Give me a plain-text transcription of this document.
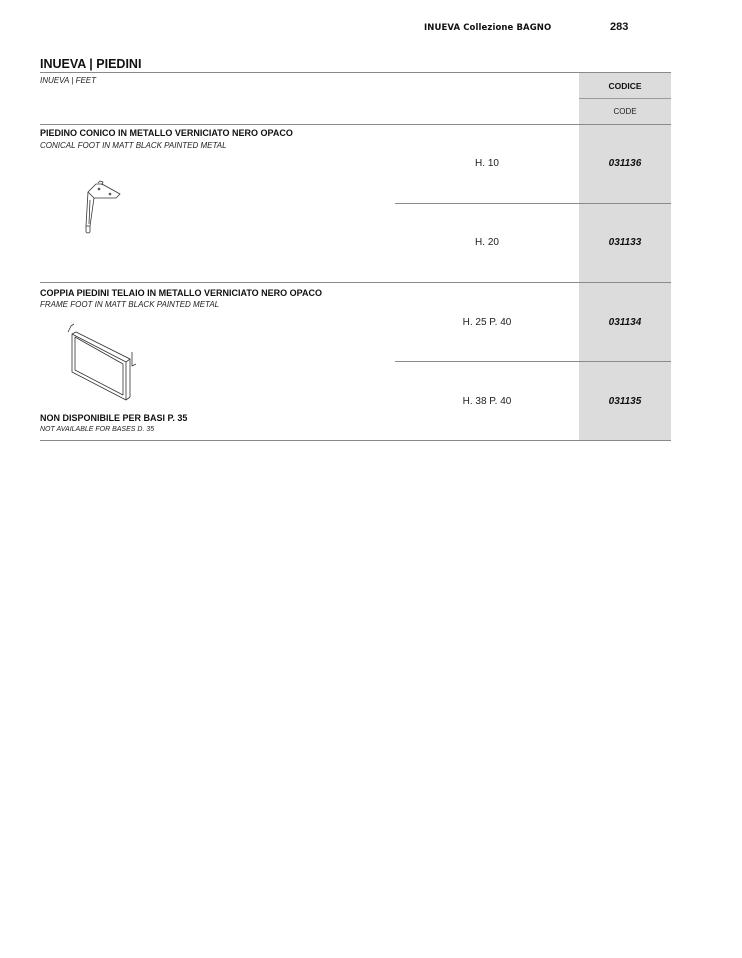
INUEVA Collezione BAGNO	283
INUEVA | PIEDINI
INUEVA | FEET
CODICE
CODE
PIEDINO CONICO IN METALLO VERNICIATO NERO OPACO
CONICAL FOOT IN MATT BLACK PAINTED METAL
H. 10	031136
H. 20	031133
COPPIA PIEDINI TELAIO IN METALLO VERNICIATO NERO OPACO
FRAME FOOT IN MATT BLACK PAINTED METAL
H. 25 P. 40	031134
H. 38 P. 40	031135
NON DISPONIBILE PER BASI P. 35
NOT AVAILABLE FOR BASES D. 35
